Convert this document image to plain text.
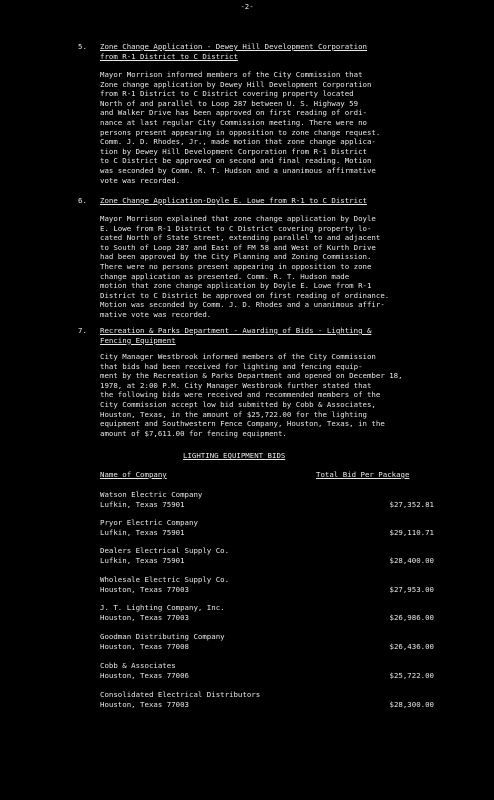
-2-
5.	Zone Change Application - Dewey Hill Development Corporation
from R-1 District to C District
Mayor Morrison informed members of the City Commission that
Zone change application by Dewey Hill Development Corporation
from R-1 District to C District covering property located
North of and parallel to Loop 287 between U. S. Highway 59
and Walker Drive has been approved on first reading of ordi-
nance at last regular City Commission meeting. There were no
persons present appearing in opposition to zone change request.
Comm. J. D. Rhodes, Jr., made motion that zone change applica-
tion by Dewey Hill Development Corporation from R-1 District
to C District be approved on second and final reading. Motion
was seconded by Comm. R. T. Hudson and a unanimous affirmative
vote was recorded.
6.	Zone Change Application-Doyle E. Lowe from R-1 to C District
Mayor Morrison explained that zone change application by Doyle
E. Lowe from R-1 District to C District covering property lo-
cated North of State Street, extending parallel to and adjacent
to South of Loop 287 and East of FM 58 and West of Kurth Drive
had been approved by the City Planning and Zoning Commission.
There were no persons present appearing in opposition to zone
change application as presented. Comm. R. T. Hudson made
motion that zone change application by Doyle E. Lowe from R-1
District to C District be approved on first reading of ordinance.
Motion was seconded by Comm. J. D. Rhodes and a unanimous affir-
mative vote was recorded.
7.	Recreation & Parks Department - Awarding of Bids - Lighting &
Fencing Equipment
City Manager Westbrook informed members of the City Commission
that bids had been received for lighting and fencing equip-
ment by the Recreation & Parks Department and opened on December 18,
1978, at 2:00 P.M. City Manager Westbrook further stated that
the following bids were received and recommended members of the
City Commission accept low bid submitted by Cobb & Associates,
Houston, Texas, in the amount of $25,722.00 for the lighting
equipment and Southwestern Fence Company, Houston, Texas, in the
amount of $7,611.00 for fencing equipment.
LIGHTING EQUIPMENT BIDS
Name of Company	Total Bid Per Package
Watson Electric Company
Lufkin, Texas 75901	$27,352.81
Pryor Electric Company
Lufkin, Texas 75901	$29,110.71
Dealers Electrical Supply Co.
Lufkin, Texas 75901	$28,400.00
Wholesale Electric Supply Co.
Houston, Texas 77003	$27,953.00
J. T. Lighting Company, Inc.
Houston, Texas 77003	$26,986.00
Goodman Distributing Company
Houston, Texas 77008	$26,436.00
Cobb & Associates
Houston, Texas 77006	$25,722.00
Consolidated Electrical Distributors
Houston, Texas 77003	$28,300.00
